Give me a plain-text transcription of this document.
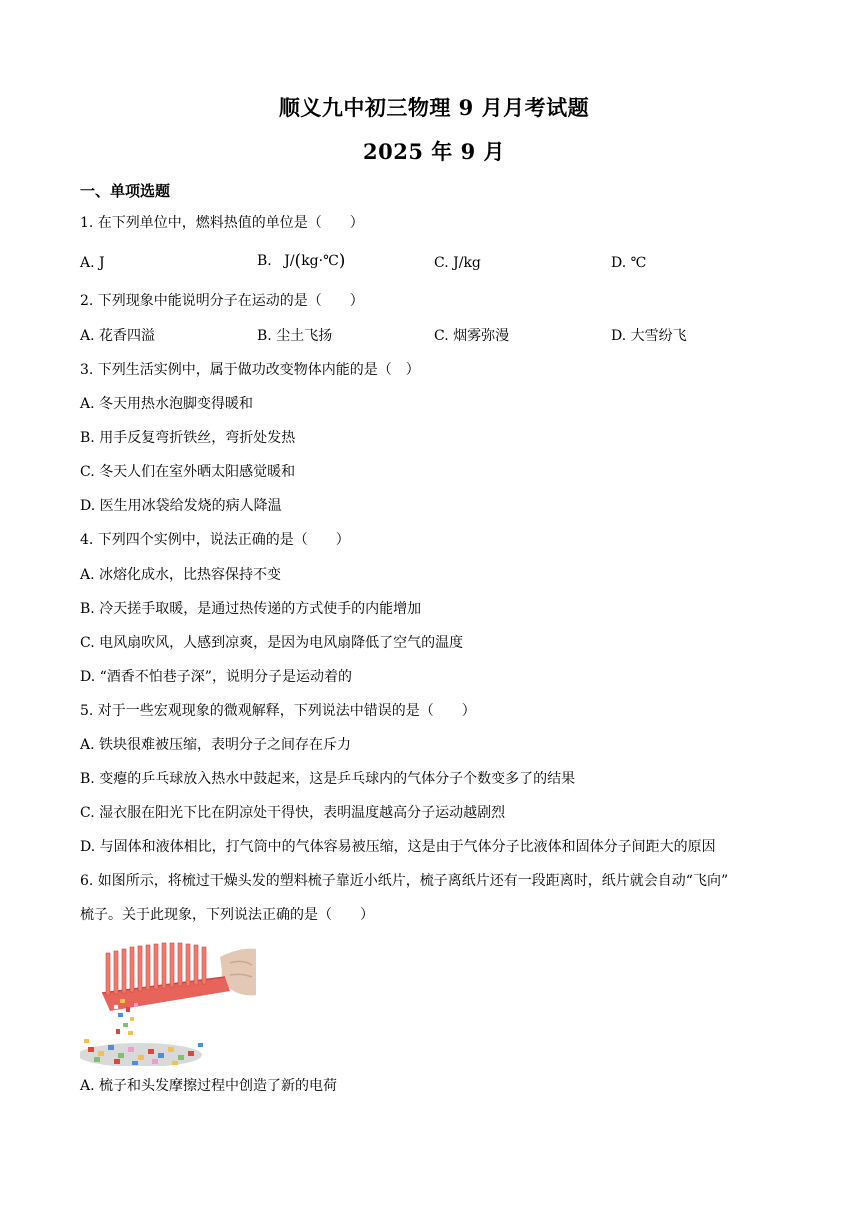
顺义九中初三物理 9 月月考试题
2025 年 9 月
一、单项选题
1. 在下列单位中，燃料热值的单位是（　　）
A. J	B. J/(kg·℃)	C. J/kg	D. ℃
2. 下列现象中能说明分子在运动的是（　　）
A. 花香四溢	B. 尘土飞扬	C. 烟雾弥漫	D. 大雪纷飞
3. 下列生活实例中，属于做功改变物体内能的是（　）
A. 冬天用热水泡脚变得暖和
B. 用手反复弯折铁丝，弯折处发热
C. 冬天人们在室外晒太阳感觉暖和
D. 医生用冰袋给发烧的病人降温
4. 下列四个实例中，说法正确的是（　　）
A. 冰熔化成水，比热容保持不变
B. 冷天搓手取暖，是通过热传递的方式使手的内能增加
C. 电风扇吹风，人感到凉爽，是因为电风扇降低了空气的温度
D. “酒香不怕巷子深”，说明分子是运动着的
5. 对于一些宏观现象的微观解释，下列说法中错误的是（　　）
A. 铁块很难被压缩，表明分子之间存在斥力
B. 变瘪的乒乓球放入热水中鼓起来，这是乒乓球内的气体分子个数变多了的结果
C. 湿衣服在阳光下比在阴凉处干得快，表明温度越高分子运动越剧烈
D. 与固体和液体相比，打气筒中的气体容易被压缩，这是由于气体分子比液体和固体分子间距大的原因
6. 如图所示，将梳过干燥头发的塑料梳子靠近小纸片，梳子离纸片还有一段距离时，纸片就会自动“飞向”
梳子。关于此现象，下列说法正确的是（　　）
A. 梳子和头发摩擦过程中创造了新的电荷
